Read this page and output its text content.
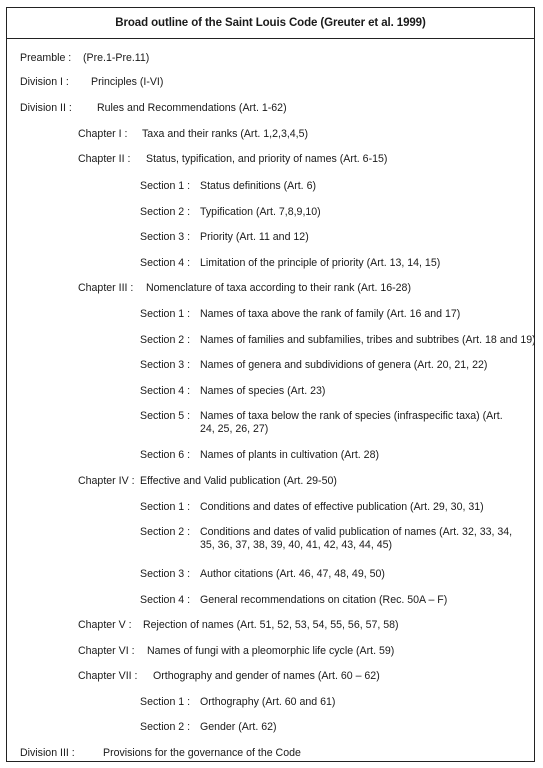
Broad outline of the Saint Louis Code (Greuter et al. 1999)
Preamble : (Pre.1-Pre.11)
Division I : Principles (I-VI)
Division II : Rules and Recommendations (Art. 1-62)
Chapter I : Taxa and their ranks (Art. 1,2,3,4,5)
Chapter II : Status, typification, and priority of names (Art. 6-15)
Section 1 : Status definitions (Art. 6)
Section 2 : Typification (Art. 7,8,9,10)
Section 3 : Priority (Art. 11 and 12)
Section 4 : Limitation of the principle of priority (Art. 13, 14, 15)
Chapter III : Nomenclature of taxa according to their rank (Art. 16-28)
Section 1 : Names of taxa above the rank of family (Art. 16 and 17)
Section 2 : Names of families and subfamilies, tribes and subtribes (Art. 18 and 19)
Section 3 : Names of genera and subdividions of genera (Art. 20, 21, 22)
Section 4 : Names of species (Art. 23)
Section 5 : Names of taxa below the rank of species (infraspecific taxa) (Art. 24, 25, 26, 27)
Section 6 : Names of plants in cultivation (Art. 28)
Chapter IV : Effective and Valid publication (Art. 29-50)
Section 1 : Conditions and dates of effective publication (Art. 29, 30, 31)
Section 2 : Conditions and dates of valid publication of names (Art. 32, 33, 34, 35, 36, 37, 38, 39, 40, 41, 42, 43, 44, 45)
Section 3 : Author citations (Art. 46, 47, 48, 49, 50)
Section 4 : General recommendations on citation (Rec. 50A – F)
Chapter V : Rejection of names (Art. 51, 52, 53, 54, 55, 56, 57, 58)
Chapter VI : Names of fungi with a pleomorphic life cycle (Art. 59)
Chapter VII : Orthography and gender of names (Art. 60 – 62)
Section 1 : Orthography (Art. 60 and 61)
Section 2 : Gender (Art. 62)
Division III :	Provisions for the governance of the Code
